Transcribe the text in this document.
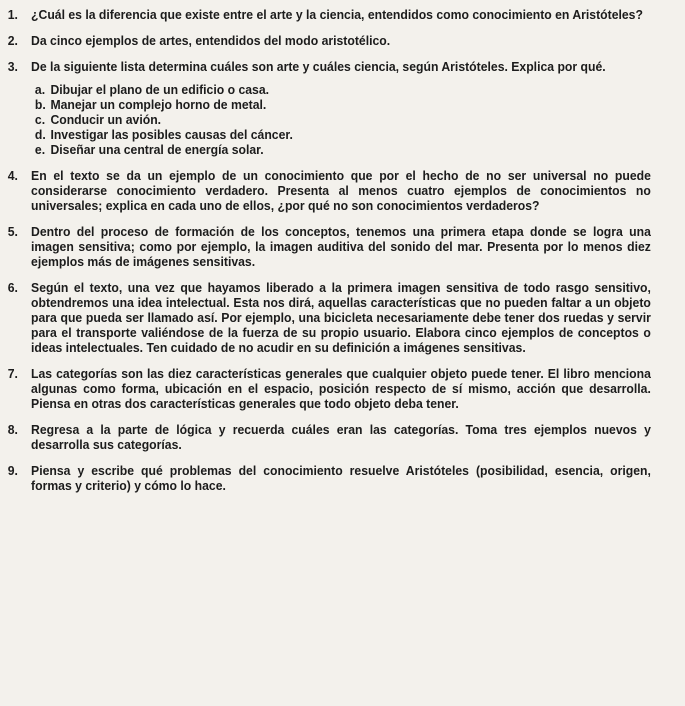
1.	¿Cuál es la diferencia que existe entre el arte y la ciencia, entendidos como conocimiento en Aristóteles?
2.	Da cinco ejemplos de artes, entendidos del modo aristotélico.
3.	De la siguiente lista determina cuáles son arte y cuáles ciencia, según Aristóteles. Explica por qué.
a. Dibujar el plano de un edificio o casa.
b. Manejar un complejo horno de metal.
c. Conducir un avión.
d. Investigar las posibles causas del cáncer.
e. Diseñar una central de energía solar.
4.	En el texto se da un ejemplo de un conocimiento que por el hecho de no ser universal no puede considerarse conocimiento verdadero. Presenta al menos cuatro ejemplos de conocimientos no universales; explica en cada uno de ellos, ¿por qué no son conocimientos verdaderos?
5.	Dentro del proceso de formación de los conceptos, tenemos una primera etapa donde se logra una imagen sensitiva; como por ejemplo, la imagen auditiva del sonido del mar. Presenta por lo menos diez ejemplos más de imágenes sensitivas.
6.	Según el texto, una vez que hayamos liberado a la primera imagen sensitiva de todo rasgo sensitivo, obtendremos una idea intelectual. Esta nos dirá, aquellas características que no pueden faltar a un objeto para que pueda ser llamado así. Por ejemplo, una bicicleta necesariamente debe tener dos ruedas y servir para el transporte valiéndose de la fuerza de su propio usuario. Elabora cinco ejemplos de conceptos o ideas intelectuales. Ten cuidado de no acudir en su definición a imágenes sensitivas.
7.	Las categorías son las diez características generales que cualquier objeto puede tener. El libro menciona algunas como forma, ubicación en el espacio, posición respecto de sí mismo, acción que desarrolla. Piensa en otras dos características generales que todo objeto deba tener.
8.	Regresa a la parte de lógica y recuerda cuáles eran las categorías. Toma tres ejemplos nuevos y desarrolla sus categorías.
9.	Piensa y escribe qué problemas del conocimiento resuelve Aristóteles (posibilidad, esencia, origen, formas y criterio) y cómo lo hace.
